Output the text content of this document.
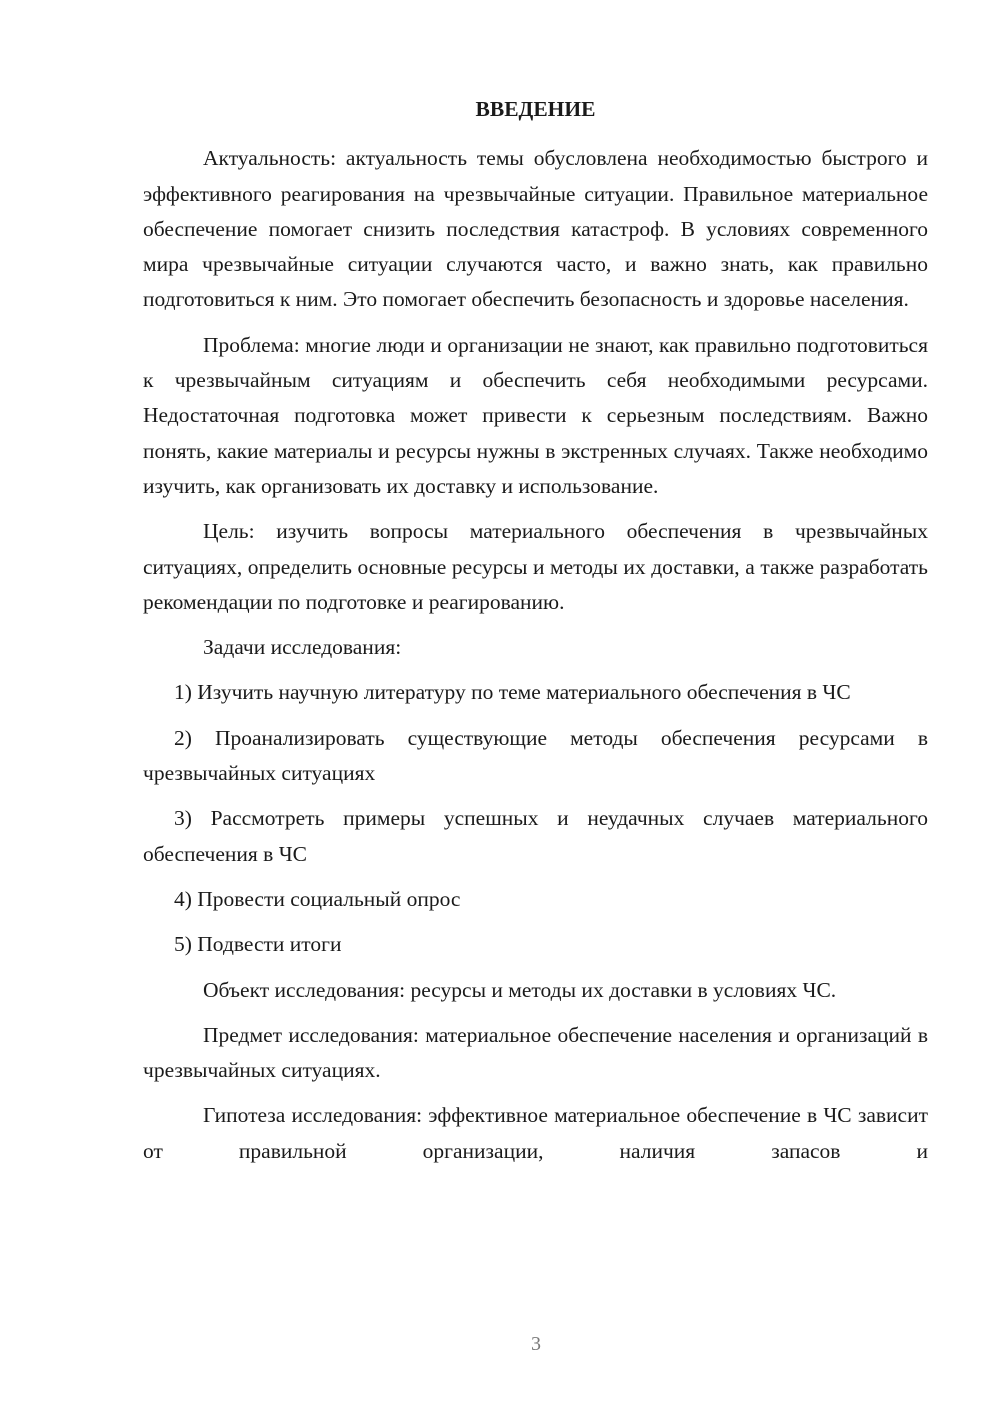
ВВЕДЕНИЕ

Актуальность: актуальность темы обусловлена необходимостью быстрого и эффективного реагирования на чрезвычайные ситуации. Правильное материальное обеспечение помогает снизить последствия катастроф. В условиях современного мира чрезвычайные ситуации случаются часто, и важно знать, как правильно подготовиться к ним. Это помогает обеспечить безопасность и здоровье населения.

Проблема: многие люди и организации не знают, как правильно подготовиться к чрезвычайным ситуациям и обеспечить себя необходимыми ресурсами. Недостаточная подготовка может привести к серьезным последствиям. Важно понять, какие материалы и ресурсы нужны в экстренных случаях. Также необходимо изучить, как организовать их доставку и использование.

Цель: изучить вопросы материального обеспечения в чрезвычайных ситуациях, определить основные ресурсы и методы их доставки, а также разработать рекомендации по подготовке и реагированию.

Задачи исследования:

1) Изучить научную литературу по теме материального обеспечения в ЧС

2) Проанализировать существующие методы обеспечения ресурсами в чрезвычайных ситуациях

3) Рассмотреть примеры успешных и неудачных случаев материального обеспечения в ЧС

4) Провести социальный опрос

5) Подвести итоги

Объект исследования: ресурсы и методы их доставки в условиях ЧС.

Предмет исследования: материальное обеспечение населения и организаций в чрезвычайных ситуациях.

Гипотеза исследования: эффективное материальное обеспечение в ЧС зависит от правильной организации, наличия запасов и

3
